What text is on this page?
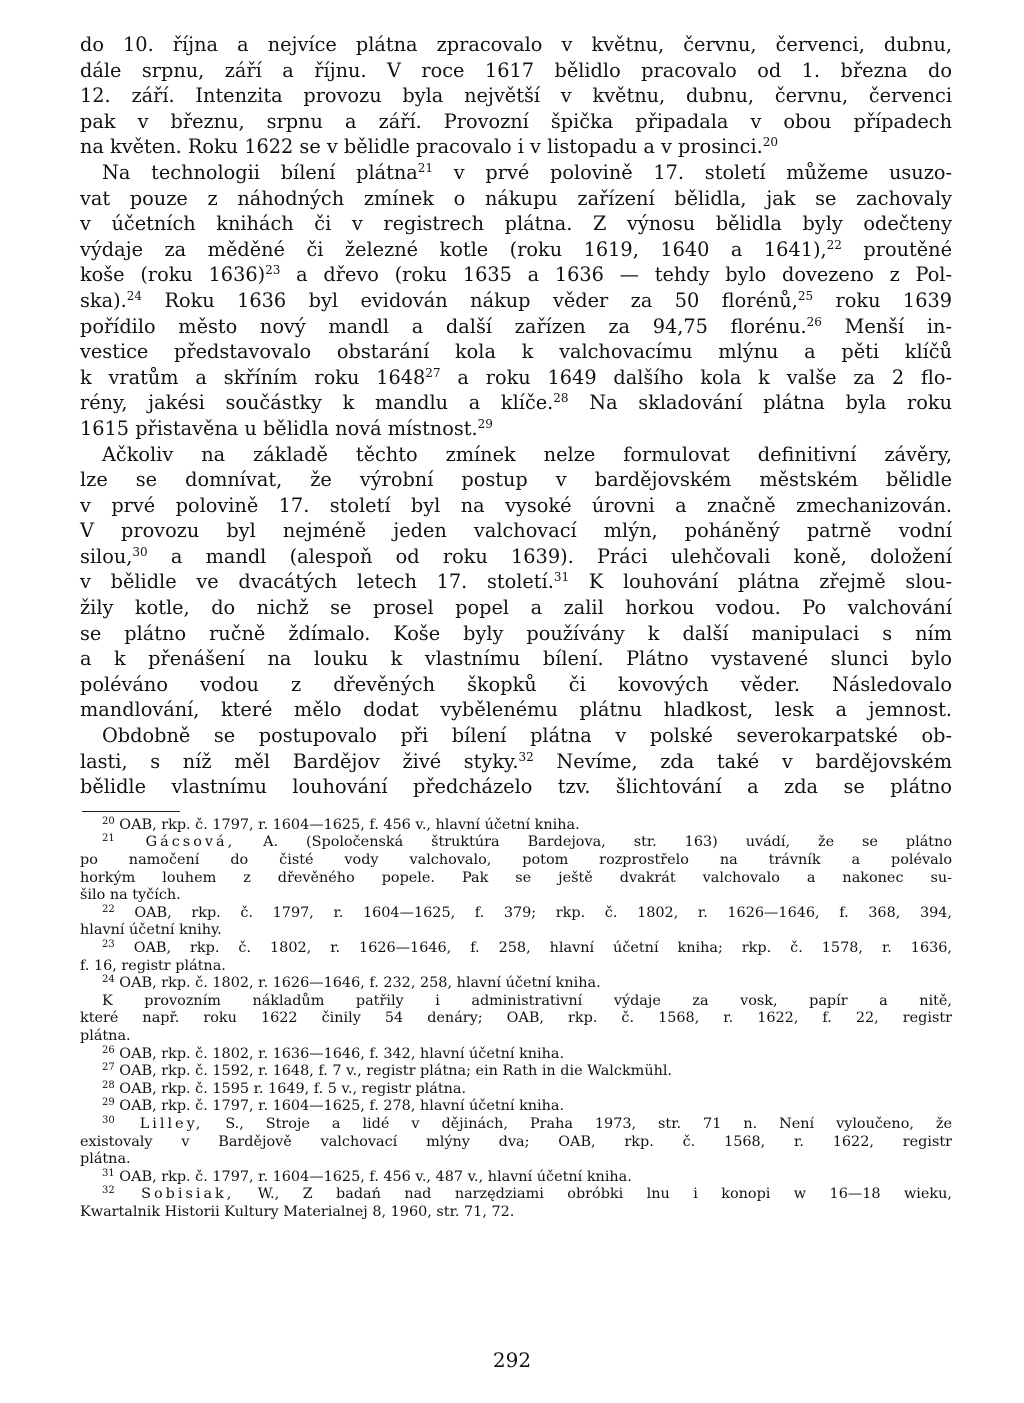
do 10. října a nejvíce plátna zpracovalo v květnu, červnu, červenci, dubnu,
dále srpnu, září a říjnu. V roce 1617 bělidlo pracovalo od 1. března do
12. září. Intenzita provozu byla největší v květnu, dubnu, červnu, červenci
pak v březnu, srpnu a září. Provozní špička připadala v obou případech
na květen. Roku 1622 se v bělidle pracovalo i v listopadu a v prosinci.$^{20}$
Na technologii bílení plátna$^{21}$ v prvé polovině 17. století můžeme usuzo-
vat pouze z náhodných zmínek o nákupu zařízení bělidla, jak se zachovaly
v účetních knihách či v registrech plátna. Z výnosu bělidla byly odečteny
výdaje za měděné či železné kotle (roku 1619, 1640 a 1641),$^{22}$ proutěné
koše (roku 1636)$^{23}$ a dřevo (roku 1635 a 1636 — tehdy bylo dovezeno z Pol-
ska).$^{24}$ Roku 1636 byl evidován nákup věder za 50 florénů,$^{25}$ roku 1639
pořídilo město nový mandl a další zařízen za 94,75 florénu.$^{26}$ Menší in-
vestice představovalo obstarání kola k valchovacímu mlýnu a pěti klíčů
k vratům a skříním roku 1648$^{27}$ a roku 1649 dalšího kola k valše za 2 flo-
rény, jakési součástky k mandlu a klíče.$^{28}$ Na skladování plátna byla roku
1615 přistavěna u bělidla nová místnost.$^{29}$
Ačkoliv na základě těchto zmínek nelze formulovat definitivní závěry,
lze se domnívat, že výrobní postup v bardějovském městském bělidle
v prvé polovině 17. století byl na vysoké úrovni a značně zmechanizován.
V provozu byl nejméně jeden valchovací mlýn, poháněný patrně vodní
silou,$^{30}$ a mandl (alespoň od roku 1639). Práci ulehčovali koně, doložení
v bělidle ve dvacátých letech 17. století.$^{31}$ K louhování plátna zřejmě slou-
žily kotle, do nichž se prosel popel a zalil horkou vodou. Po valchování
se plátno ručně ždímalo. Koše byly používány k další manipulaci s ním
a k přenášení na louku k vlastnímu bílení. Plátno vystavené slunci bylo
poléváno vodou z dřevěných škopků či kovových věder. Následovalo
mandlování, které mělo dodat vybělenému plátnu hladkost, lesk a jemnost.
Obdobně se postupovalo při bílení plátna v polské severokarpatské ob-
lasti, s níž měl Bardějov živé styky.$^{32}$ Nevíme, zda také v bardějovském
bělidle vlastnímu louhování předcházelo tzv. šlichtování a zda se plátno
$^{20}$ OAB, rkp. č. 1797, r. 1604—1625, f. 456 v., hlavní účetní kniha.
$^{21}$ Gácsová, A. (Spoločenská štruktúra Bardejova, str. 163) uvádí, že se plátno
po namočení do čisté vody valchovalo, potom rozprostřelo na trávník a polévalo
horkým louhem z dřevěného popele. Pak se ještě dvakrát valchovalo a nakonec su-
šilo na tyčích.
$^{22}$ OAB, rkp. č. 1797, r. 1604—1625, f. 379; rkp. č. 1802, r. 1626—1646, f. 368, 394,
hlavní účetní knihy.
$^{23}$ OAB, rkp. č. 1802, r. 1626—1646, f. 258, hlavní účetní kniha; rkp. č. 1578, r. 1636,
f. 16, registr plátna.
$^{24}$ OAB, rkp. č. 1802, r. 1626—1646, f. 232, 258, hlavní účetní kniha.
K provozním nákladům patřily i administrativní výdaje za vosk, papír a nitě,
které např. roku 1622 činily 54 denáry; OAB, rkp. č. 1568, r. 1622, f. 22, registr
plátna.
$^{26}$ OAB, rkp. č. 1802, r. 1636—1646, f. 342, hlavní účetní kniha.
$^{27}$ OAB, rkp. č. 1592, r. 1648, f. 7 v., registr plátna; ein Rath in die Walckmühl.
$^{28}$ OAB, rkp. č. 1595 r. 1649, f. 5 v., registr plátna.
$^{29}$ OAB, rkp. č. 1797, r. 1604—1625, f. 278, hlavní účetní kniha.
$^{30}$ Lilley, S., Stroje a lidé v dějinách, Praha 1973, str. 71 n. Není vyloučeno, že
existovaly v Bardějově valchovací mlýny dva; OAB, rkp. č. 1568, r. 1622, registr
plátna.
$^{31}$ OAB, rkp. č. 1797, r. 1604—1625, f. 456 v., 487 v., hlavní účetní kniha.
$^{32}$ Sobisiak, W., Z badań nad narzędziami obróbki lnu i konopi w 16—18 wieku,
Kwartalnik Historii Kultury Materialnej 8, 1960, str. 71, 72.
292
